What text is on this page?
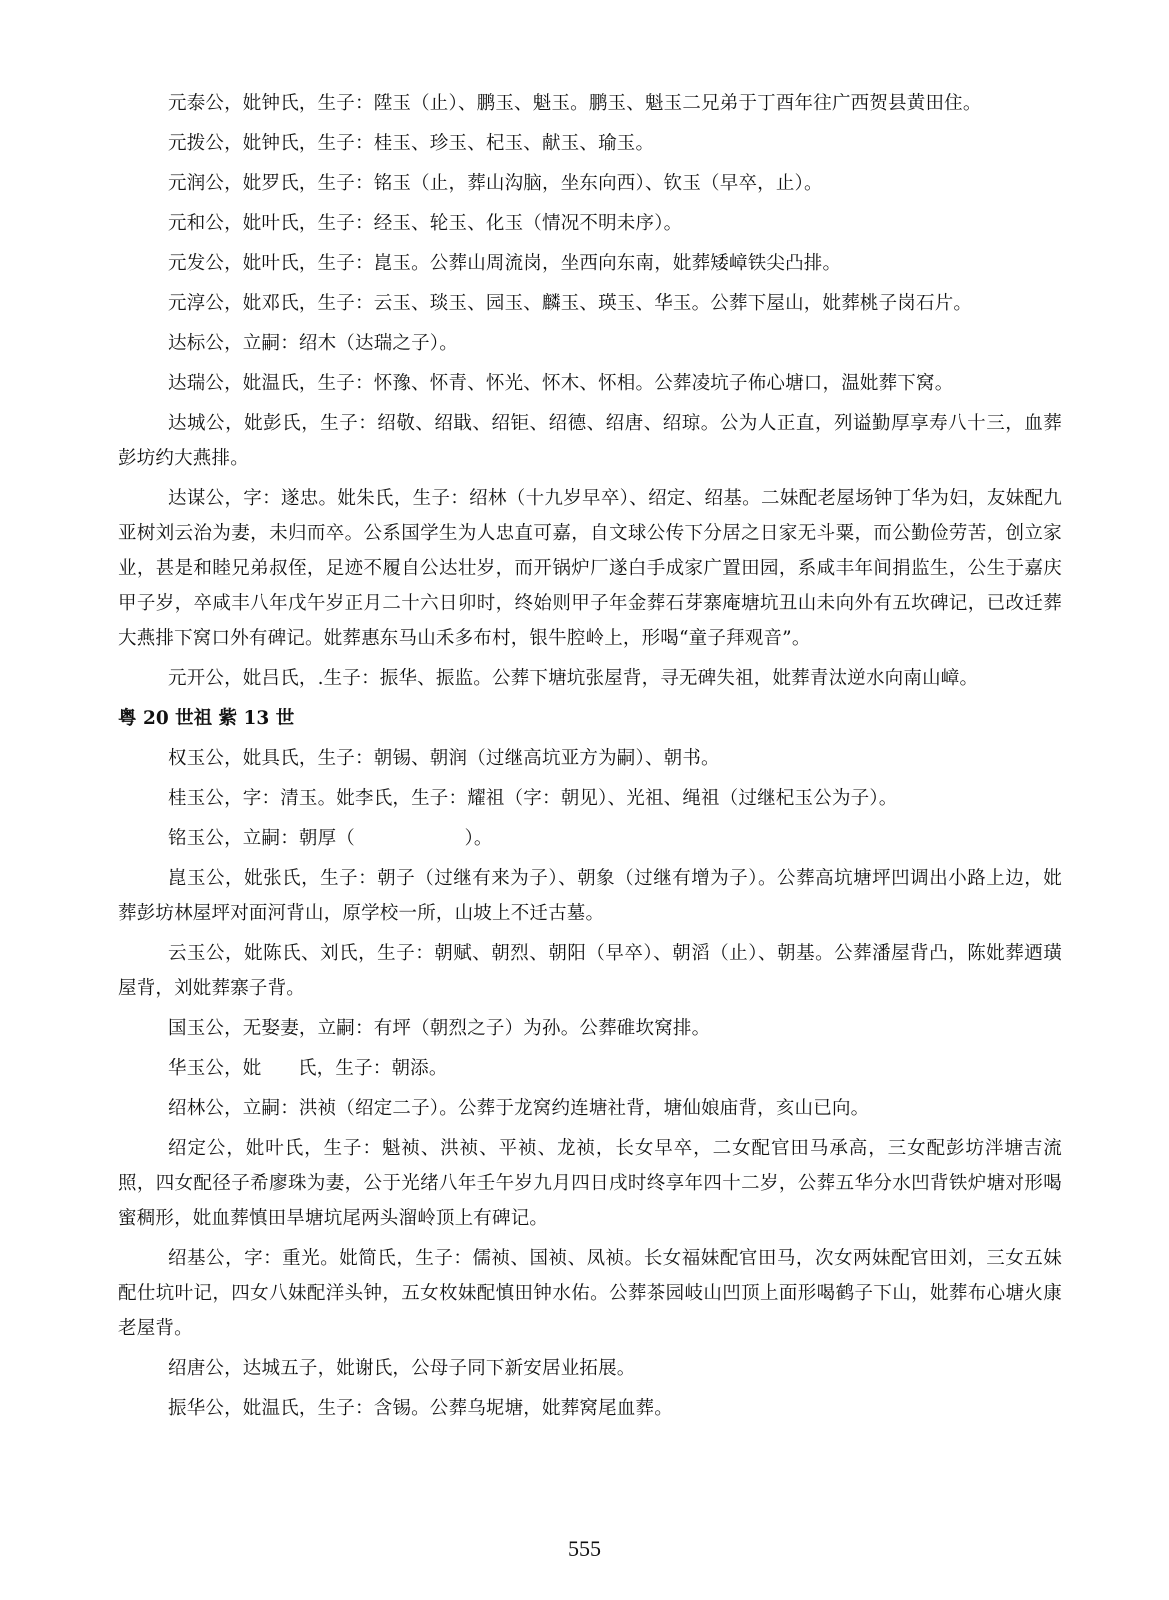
元泰公，妣钟氏，生子：陞玉（止）、鹏玉、魁玉。鹏玉、魁玉二兄弟于丁酉年往广西贺县黄田住。

元拨公，妣钟氏，生子：桂玉、珍玉、杞玉、献玉、瑜玉。

元润公，妣罗氏，生子：铭玉（止，葬山沟脑，坐东向西）、钦玉（早卒，止）。

元和公，妣叶氏，生子：经玉、轮玉、化玉（情况不明未序）。

元发公，妣叶氏，生子：崑玉。公葬山周流岗，坐西向东南，妣葬矮嶂铁尖凸排。

元淳公，妣邓氏，生子：云玉、琰玉、园玉、麟玉、瑛玉、华玉。公葬下屋山，妣葬桃子岗石片。

达标公，立嗣：绍木（达瑞之子）。

达瑞公，妣温氏，生子：怀豫、怀青、怀光、怀木、怀相。公葬凌坑子佈心塘口，温妣葬下窝。

达城公，妣彭氏，生子：绍敬、绍戢、绍钜、绍德、绍唐、绍琼。公为人正直，列谥勤厚享寿八十三，血葬彭坊约大燕排。

达谋公，字：遂忠。妣朱氏，生子：绍林（十九岁早卒）、绍定、绍基。二妹配老屋场钟丁华为妇，友妹配九亚树刘云治为妻，未归而卒。公系国学生为人忠直可嘉，自文球公传下分居之日家无斗粟，而公勤俭劳苦，创立家业，甚是和睦兄弟叔侄，足迹不履自公达壮岁，而开锅炉厂遂白手成家广置田园，系咸丰年间捐监生，公生于嘉庆甲子岁，卒咸丰八年戊午岁正月二十六日卯时，终始则甲子年金葬石芽寨庵塘坑丑山未向外有五坎碑记，已改迁葬大燕排下窝口外有碑记。妣葬惠东马山禾多布村，银牛腔岭上，形喝“童子拜观音”。

元开公，妣吕氏，.生子：振华、振监。公葬下塘坑张屋背，寻无碑失祖，妣葬青汰逆水向南山嶂。

粤 20 世祖 紫 13 世

权玉公，妣具氏，生子：朝锡、朝润（过继高坑亚方为嗣）、朝书。

桂玉公，字：清玉。妣李氏，生子：耀祖（字：朝见）、光祖、绳祖（过继杞玉公为子）。

铭玉公，立嗣：朝厚（                  ）。

崑玉公，妣张氏，生子：朝子（过继有来为子）、朝象（过继有增为子）。公葬高坑塘坪凹调出小路上边，妣葬彭坊林屋坪对面河背山，原学校一所，山坡上不迁古墓。

云玉公，妣陈氏、刘氏，生子：朝赋、朝烈、朝阳（早卒）、朝滔（止）、朝基。公葬潘屋背凸，陈妣葬迺璜屋背，刘妣葬寨子背。

国玉公，无娶妻，立嗣：有坪（朝烈之子）为孙。公葬碓坎窝排。

华玉公，妣      氏，生子：朝添。

绍林公，立嗣：洪祯（绍定二子）。公葬于龙窝约连塘社背，塘仙娘庙背，亥山已向。

绍定公，妣叶氏，生子：魁祯、洪祯、平祯、龙祯，长女早卒，二女配官田马承高，三女配彭坊泮塘吉流照，四女配径子希廖珠为妻，公于光绪八年壬午岁九月四日戌时终享年四十二岁，公葬五华分水凹背铁炉塘对形喝蜜稠形，妣血葬慎田旱塘坑尾两头溜岭顶上有碑记。

绍基公，字：重光。妣简氏，生子：儒祯、国祯、凤祯。长女福妹配官田马，次女两妹配官田刘，三女五妹配仕坑叶记，四女八妹配洋头钟，五女枚妹配慎田钟水佑。公葬茶园岐山凹顶上面形喝鹤子下山，妣葬布心塘火康老屋背。

绍唐公，达城五子，妣谢氏，公母子同下新安居业拓展。

振华公，妣温氏，生子：含锡。公葬乌坭塘，妣葬窝尾血葬。

555
